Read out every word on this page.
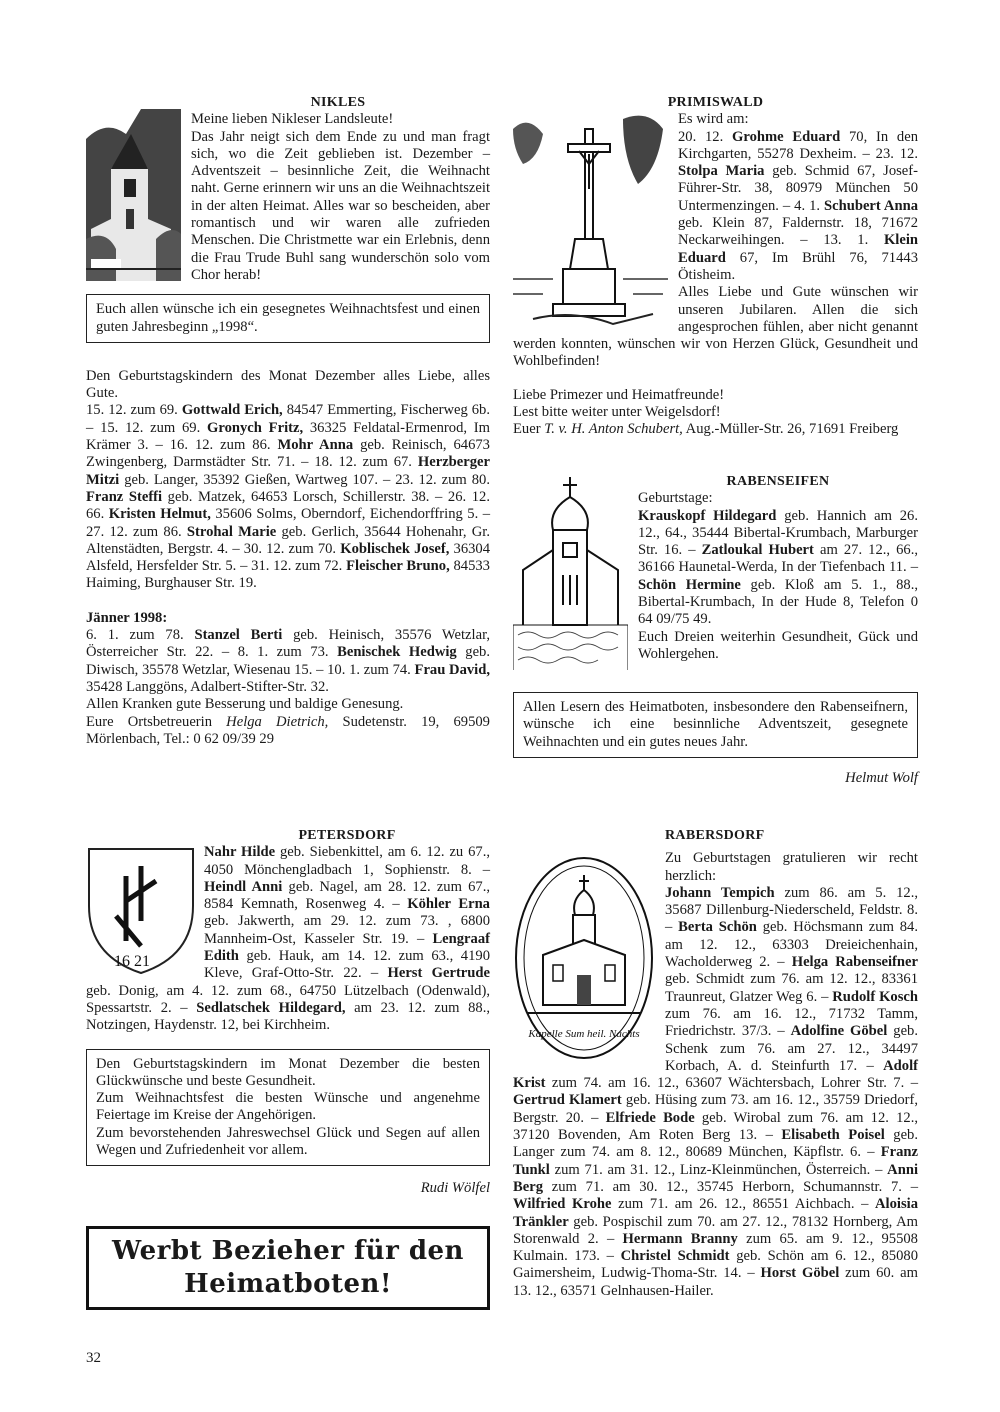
NIKLES

Meine lieben Nikleser Landsleute!

Das Jahr neigt sich dem Ende zu und man fragt sich, wo die Zeit geblieben ist. Dezember – Adventszeit – besinnliche Zeit, die Weihnacht naht. Gerne erinnern wir uns an die Weihnachtszeit in der alten Heimat. Alles war so bescheiden, aber romantisch und wir waren alle zufrieden Menschen. Die Christmette war ein Erlebnis, denn die Frau Trude Buhl sang wunderschön solo vom Chor herab!

Euch allen wünsche ich ein gesegnetes Weihnachtsfest und einen guten Jahresbeginn „1998“.

Den Geburtstagskindern des Monat Dezember alles Liebe, alles Gute.

15. 12. zum 69. Gottwald Erich, 84547 Emmerting, Fischerweg 6b. – 15. 12. zum 69. Gronych Fritz, 36325 Feldatal-Ermenrod, Im Krämer 3. – 16. 12. zum 86. Mohr Anna geb. Reinisch, 64673 Zwingenberg, Darmstädter Str. 71. – 18. 12. zum 67. Herzberger Mitzi geb. Langer, 35392 Gießen, Wartweg 107. – 23. 12. zum 80. Franz Steffi geb. Matzek, 64653 Lorsch, Schillerstr. 38. – 26. 12. 66. Kristen Helmut, 35606 Solms, Oberndorf, Eichendorffring 5. – 27. 12. zum 86. Strohal Marie geb. Gerlich, 35644 Hohenahr, Gr. Altenstädten, Bergstr. 4. – 30. 12. zum 70. Koblischek Josef, 36304 Alsfeld, Hersfelder Str. 5. – 31. 12. zum 72. Fleischer Bruno, 84533 Haiming, Burghauser Str. 19.

Jänner 1998:

6. 1. zum 78. Stanzel Berti geb. Heinisch, 35576 Wetzlar, Österreicher Str. 22. – 8. 1. zum 73. Benischek Hedwig geb. Diwisch, 35578 Wetzlar, Wiesenau 15. – 10. 1. zum 74. Frau David, 35428 Langgöns, Adalbert-Stifter-Str. 32.

Allen Kranken gute Besserung und baldige Genesung.

Eure Ortsbetreuerin Helga Dietrich, Sudetenstr. 19, 69509 Mörlenbach, Tel.: 0 62 09/39 29

16 21
PETERSDORF

Nahr Hilde geb. Siebenkittel, am 6. 12. zu 67., 4050 Mönchengladbach 1, Sophienstr. 8. – Heindl Anni geb. Nagel, am 28. 12. zum 67., 8584 Kemnath, Rosenweg 4. – Köhler Erna geb. Jakwerth, am 29. 12. zum 73. , 6800 Mannheim-Ost, Kasseler Str. 19. – Lengraaf Edith geb. Hauk, am 14. 12. zum 63., 4190 Kleve, Graf-Otto-Str. 22. – Herst Gertrude geb. Donig, am 4. 12. zum 68., 64750 Lützelbach (Odenwald), Spessartstr. 2. – Sedlatschek Hildegard, am 23. 12. zum 88., Notzingen, Haydenstr. 12, bei Kirchheim.

Den Geburtstagskindern im Monat Dezember die besten Glückwünsche und beste Gesundheit.

Zum Weihnachtsfest die besten Wünsche und angenehme Feiertage im Kreise der Angehörigen.

Zum bevorstehenden Jahreswechsel Glück und Segen auf allen Wegen und Zufriedenheit vor allem.

Rudi Wölfel

Werbt Bezieher für den
Heimatboten!
32
PRIMISWALD

Es wird am:

20. 12. Grohme Eduard 70, In den Kirchgarten, 55278 Dexheim. – 23. 12. Stolpa Maria geb. Schmid 67, Josef-Führer-Str. 38, 80979 München 50 Untermenzingen. – 4. 1. Schubert Anna geb. Klein 87, Faldernstr. 18, 71672 Neckarweihingen. – 13. 1. Klein Eduard 67, Im Brühl 76, 71443 Ötisheim.

Alles Liebe und Gute wünschen wir unseren Jubilaren. Allen die sich angesprochen fühlen, aber nicht genannt werden konnten, wünschen wir von Herzen Glück, Gesundheit und Wohlbefinden!

Liebe Primezer und Heimatfreunde!

Lest bitte weiter unter Weigelsdorf!

Euer T. v. H. Anton Schubert, Aug.-Müller-Str. 26, 71691 Freiberg

RABENSEIFEN

Geburtstage:

Krauskopf Hildegard geb. Hannich am 26. 12., 64., 35444 Bibertal-Krumbach, Marburger Str. 16. – Zatloukal Hubert am 27. 12., 66., 36166 Haunetal-Werda, In der Tiefenbach 11. – Schön Hermine geb. Kloß am 5. 1., 88., Bibertal-Krumbach, In der Hude 8, Telefon 0 64 09/75 49.

Euch Dreien weiterhin Gesundheit, Gück und Wohlergehen.

Allen Lesern des Heimatboten, insbesondere den Rabenseifnern, wünsche ich eine besinnliche Adventszeit, gesegnete Weihnachten und ein gutes neues Jahr.

Helmut Wolf

Kapelle Sum heil. Nachts
RABERSDORF

Zu Geburtstagen gratulieren wir recht herzlich:

Johann Tempich zum 86. am 5. 12., 35687 Dillenburg-Niederscheld, Feldstr. 8. – Berta Schön geb. Höchsmann zum 84. am 12. 12., 63303 Dreieichenhain, Wacholderweg 2. – Helga Rabenseifner geb. Schmidt zum 76. am 12. 12., 83361 Traunreut, Glatzer Weg 6. – Rudolf Kosch zum 76. am 16. 12., 71732 Tamm, Friedrichstr. 37/3. – Adolfine Göbel geb. Schenk zum 76. am 27. 12., 34497 Korbach, A. d. Steinfurth 17. – Adolf Krist zum 74. am 16. 12., 63607 Wächtersbach, Lohrer Str. 7. – Gertrud Klamert geb. Hüsing zum 73. am 16. 12., 35759 Driedorf, Bergstr. 20. – Elfriede Bode geb. Wirobal zum 76. am 12. 12., 37120 Bovenden, Am Roten Berg 13. – Elisabeth Poisel geb. Langer zum 74. am 8. 12., 80689 München, Käpflstr. 6. – Franz Tunkl zum 71. am 31. 12., Linz-Kleinmünchen, Österreich. – Anni Berg zum 71. am 30. 12., 35745 Herborn, Schumannstr. 7. – Wilfried Krohe zum 71. am 26. 12., 86551 Aichbach. – Aloisia Tränkler geb. Pospischil zum 70. am 27. 12., 78132 Hornberg, Am Storenwald 2. – Hermann Branny zum 65. am 9. 12., 95508 Kulmain. 173. – Christel Schmidt geb. Schön am 6. 12., 85080 Gaimersheim, Ludwig-Thoma-Str. 14. – Horst Göbel zum 60. am 13. 12., 63571 Gelnhausen-Hailer.
